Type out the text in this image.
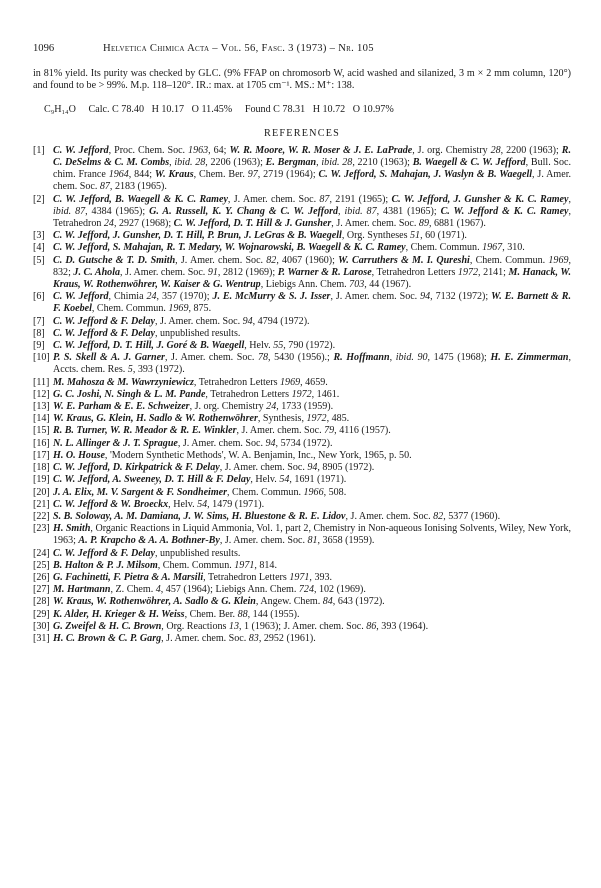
1096	Helvetica Chimica Acta – Vol. 56, Fasc. 3 (1973) – Nr. 105
in 81% yield. Its purity was checked by GLC. (9% FFAP on chromosorb W, acid washed and silanized, 3 m × 2 mm column, 120°) and found to be > 99%. M.p. 118–120°. IR.: max. at 1705 cm⁻¹. MS.: M⁺: 138.
C₉H₁₄O     Calc. C 78.40   H 10.17   O 11.45%     Found C 78.31   H 10.72   O 10.97%
REFERENCES
[1] C. W. Jefford, Proc. Chem. Soc. 1963, 64; W. R. Moore, W. R. Moser & J. E. LaPrade, J. org. Chemistry 28, 2200 (1963); R. C. DeSelms & C. M. Combs, ibid. 28, 2206 (1963); E. Bergman, ibid. 28, 2210 (1963); B. Waegell & C. W. Jefford, Bull. Soc. chim. France 1964, 844; W. Kraus, Chem. Ber. 97, 2719 (1964); C. W. Jefford, S. Mahajan, J. Waslyn & B. Waegell, J. Amer. chem. Soc. 87, 2183 (1965).
[2] C. W. Jefford, B. Waegell & K. C. Ramey, J. Amer. chem. Soc. 87, 2191 (1965); C. W. Jefford, J. Gunsher & K. C. Ramey, ibid. 87, 4384 (1965); G. A. Russell, K. Y. Chang & C. W. Jefford, ibid. 87, 4381 (1965); C. W. Jefford & K. C. Ramey, Tetrahedron 24, 2927 (1968); C. W. Jefford, D. T. Hill & J. Gunsher, J. Amer. chem. Soc. 89, 6881 (1967).
[3] C. W. Jefford, J. Gunsher, D. T. Hill, P. Brun, J. LeGras & B. Waegell, Org. Syntheses 51, 60 (1971).
[4] C. W. Jefford, S. Mahajan, R. T. Medary, W. Wojnarowski, B. Waegell & K. C. Ramey, Chem. Commun. 1967, 310.
[5] C. D. Gutsche & T. D. Smith, J. Amer. chem. Soc. 82, 4067 (1960); W. Carruthers & M. I. Qureshi, Chem. Commun. 1969, 832; J. C. Ahola, J. Amer. chem. Soc. 91, 2812 (1969); P. Warner & R. Larose, Tetrahedron Letters 1972, 2141; M. Hanack, W. Kraus, W. Rothenwöhrer, W. Kaiser & G. Wentrup, Liebigs Ann. Chem. 703, 44 (1967).
[6] C. W. Jefford, Chimia 24, 357 (1970); J. E. McMurry & S. J. Isser, J. Amer. chem. Soc. 94, 7132 (1972); W. E. Barnett & R. F. Koebel, Chem. Commun. 1969, 875.
[7] C. W. Jefford & F. Delay, J. Amer. chem. Soc. 94, 4794 (1972).
[8] C. W. Jefford & F. Delay, unpublished results.
[9] C. W. Jefford, D. T. Hill, J. Goré & B. Waegell, Helv. 55, 790 (1972).
[10] P. S. Skell & A. J. Garner, J. Amer. chem. Soc. 78, 5430 (1956).; R. Hoffmann, ibid. 90, 1475 (1968); H. E. Zimmerman, Accts. chem. Res. 5, 393 (1972).
[11] M. Mahosza & M. Wawrzyniewicz, Tetrahedron Letters 1969, 4659.
[12] G. C. Joshi, N. Singh & L. M. Pande, Tetrahedron Letters 1972, 1461.
[13] W. E. Parham & E. E. Schweizer, J. org. Chemistry 24, 1733 (1959).
[14] W. Kraus, G. Klein, H. Sadlo & W. Rothenwöhrer, Synthesis, 1972, 485.
[15] R. B. Turner, W. R. Meador & R. E. Winkler, J. Amer. chem. Soc. 79, 4116 (1957).
[16] N. L. Allinger & J. T. Sprague, J. Amer. chem. Soc. 94, 5734 (1972).
[17] H. O. House, 'Modern Synthetic Methods', W. A. Benjamin, Inc., New York, 1965, p. 50.
[18] C. W. Jefford, D. Kirkpatrick & F. Delay, J. Amer. chem. Soc. 94, 8905 (1972).
[19] C. W. Jefford, A. Sweeney, D. T. Hill & F. Delay, Helv. 54, 1691 (1971).
[20] J. A. Elix, M. V. Sargent & F. Sondheimer, Chem. Commun. 1966, 508.
[21] C. W. Jefford & W. Broeckx, Helv. 54, 1479 (1971).
[22] S. B. Soloway, A. M. Damiana, J. W. Sims, H. Bluestone & R. E. Lidov, J. Amer. chem. Soc. 82, 5377 (1960).
[23] H. Smith, Organic Reactions in Liquid Ammonia, Vol. 1, part 2, Chemistry in Non-aqueous Ionising Solvents, Wiley, New York, 1963; A. P. Krapcho & A. A. Bothner-By, J. Amer. chem. Soc. 81, 3658 (1959).
[24] C. W. Jefford & F. Delay, unpublished results.
[25] B. Halton & P. J. Milsom, Chem. Commun. 1971, 814.
[26] G. Fachinetti, F. Pietra & A. Marsili, Tetrahedron Letters 1971, 393.
[27] M. Hartmann, Z. Chem. 4, 457 (1964); Liebigs Ann. Chem. 724, 102 (1969).
[28] W. Kraus, W. Rothenwöhrer, A. Sadlo & G. Klein, Angew. Chem. 84, 643 (1972).
[29] K. Alder, H. Krieger & H. Weiss, Chem. Ber. 88, 144 (1955).
[30] G. Zweifel & H. C. Brown, Org. Reactions 13, 1 (1963); J. Amer. chem. Soc. 86, 393 (1964).
[31] H. C. Brown & C. P. Garg, J. Amer. chem. Soc. 83, 2952 (1961).
